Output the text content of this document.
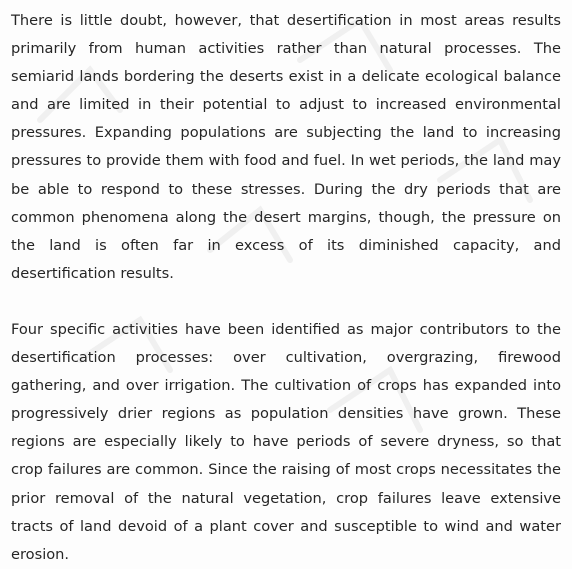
There is little doubt, however, that desertification in most areas results primarily from human activities rather than natural processes. The semiarid lands bordering the deserts exist in a delicate ecological balance and are limited in their potential to adjust to increased environmental pressures. Expanding populations are subjecting the land to increasing pressures to provide them with food and fuel. In wet periods, the land may be able to respond to these stresses. During the dry periods that are common phenomena along the desert margins, though, the pressure on the land is often far in excess of its diminished capacity, and desertification results.

Four specific activities have been identified as major contributors to the desertification processes: over cultivation, overgrazing, firewood gathering, and over irrigation. The cultivation of crops has expanded into progressively drier regions as population densities have grown. These regions are especially likely to have periods of severe dryness, so that crop failures are common. Since the raising of most crops necessitates the prior removal of the natural vegetation, crop failures leave extensive tracts of land devoid of a plant cover and susceptible to wind and water erosion.
